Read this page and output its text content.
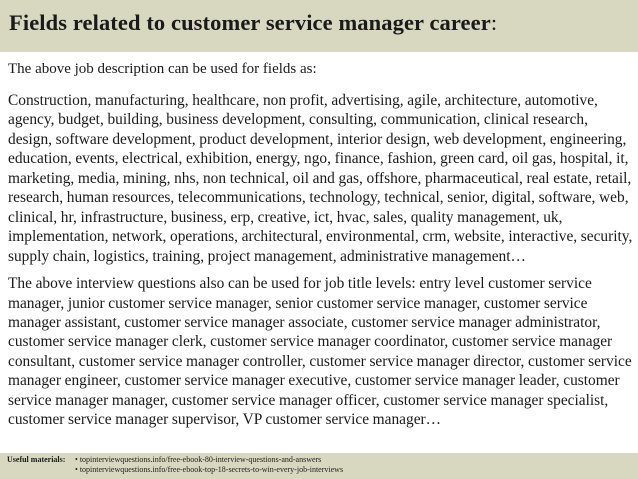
Fields related to customer service manager career:

The above job description can be used for fields as:

Construction, manufacturing, healthcare, non profit, advertising, agile, architecture, automotive, agency, budget, building, business development, consulting, communication, clinical research, design, software development, product development, interior design, web development, engineering, education, events, electrical, exhibition, energy, ngo, finance, fashion, green card, oil gas, hospital, it, marketing, media, mining, nhs, non technical, oil and gas, offshore, pharmaceutical, real estate, retail, research, human resources, telecommunications, technology, technical, senior, digital, software, web, clinical, hr, infrastructure, business, erp, creative, ict, hvac, sales, quality management, uk, implementation, network, operations, architectural, environmental, crm, website, interactive, security, supply chain, logistics, training, project management, administrative management…

The above interview questions also can be used for job title levels: entry level customer service manager, junior customer service manager, senior customer service manager, customer service manager assistant, customer service manager associate, customer service manager administrator, customer service manager clerk, customer service manager coordinator, customer service manager consultant, customer service manager controller, customer service manager director, customer service manager engineer, customer service manager executive, customer service manager leader, customer service manager manager, customer service manager officer, customer service manager specialist, customer service manager supervisor, VP customer service manager…

Useful materials:	• topinterviewquestions.info/free-ebook-80-interview-questions-and-answers
• topinterviewquestions.info/free-ebook-top-18-secrets-to-win-every-job-interviews
